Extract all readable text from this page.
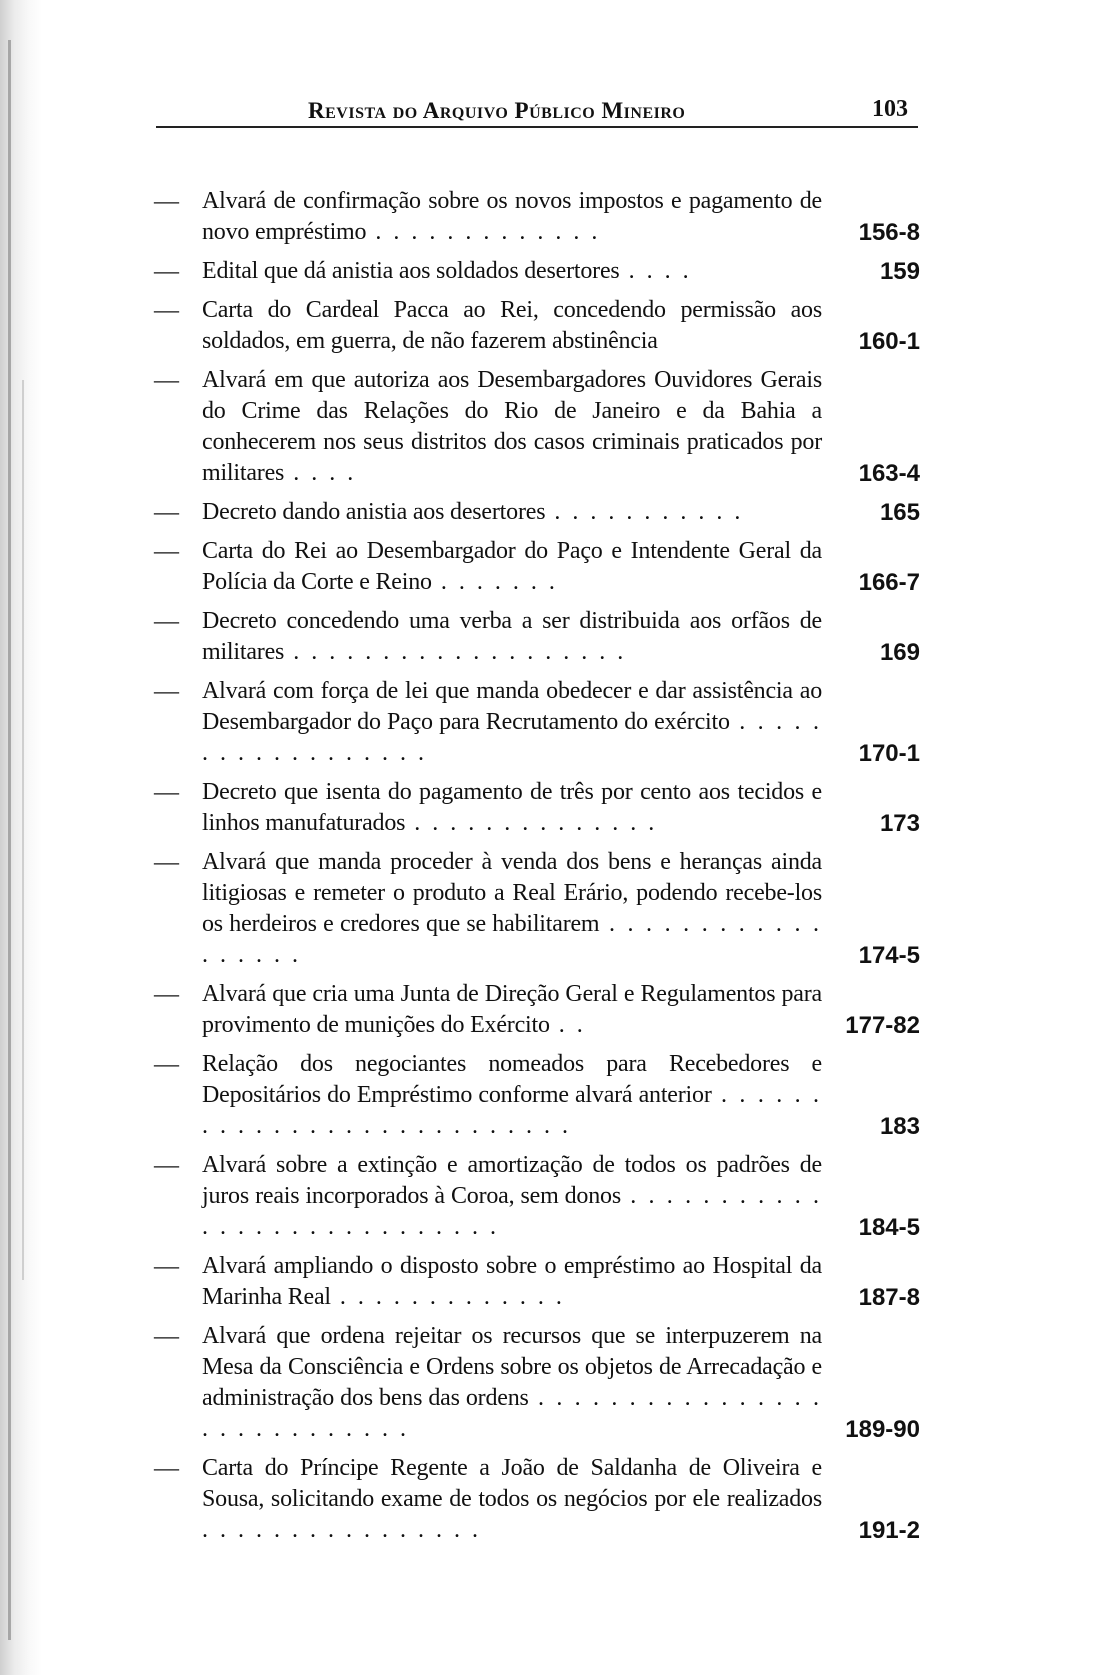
Revista do Arquivo Público Mineiro	103
— Alvará de confirmação sobre os novos impostos e pagamento de novo empréstimo . . . . . . . . . . . . .	156-8
— Edital que dá anistia aos soldados desertores . . . .	159
— Carta do Cardeal Pacca ao Rei, concedendo permissão aos soldados, em guerra, de não fazerem abstinência	160-1
— Alvará em que autoriza aos Desembargadores Ouvidores Gerais do Crime das Relações do Rio de Janeiro e da Bahia a conhecerem nos seus distritos dos casos criminais praticados por militares . . . .	163-4
— Decreto dando anistia aos desertores . . . . . . . . . . .	165
— Carta do Rei ao Desembargador do Paço e Intendente Geral da Polícia da Corte e Reino . . . . . . .	166-7
— Decreto concedendo uma verba a ser distribuida aos orfãos de militares . . . . . . . . . . . . . . . . . . .	169
— Alvará com força de lei que manda obedecer e dar assistência ao Desembargador do Paço para Recrutamento do exército . . . . . . . . . . . . . . . . . .	170-1
— Decreto que isenta do pagamento de três por cento aos tecidos e linhos manufaturados . . . . . . . . . . . . . .	173
— Alvará que manda proceder à venda dos bens e heranças ainda litigiosas e remeter o produto a Real Erário, podendo recebe-los os herdeiros e credores que se habilitarem . . . . . . . . . . . . . . . . . .	174-5
— Alvará que cria uma Junta de Direção Geral e Regulamentos para provimento de munições do Exército . .	177-82
— Relação dos negociantes nomeados para Recebedores e Depositários do Empréstimo conforme alvará anterior . . . . . . . . . . . . . . . . . . . . . . . . . . .	183
— Alvará sobre a extinção e amortização de todos os padrões de juros reais incorporados à Coroa, sem donos . . . . . . . . . . . . . . . . . . . . . . . . . . . .	184-5
— Alvará ampliando o disposto sobre o empréstimo ao Hospital da Marinha Real . . . . . . . . . . . . .	187-8
— Alvará que ordena rejeitar os recursos que se interpuzerem na Mesa da Consciência e Ordens sobre os objetos de Arrecadação e administração dos bens das ordens . . . . . . . . . . . . . . . . . . . . . . . . . . . .	189-90
— Carta do Príncipe Regente a João de Saldanha de Oliveira e Sousa, solicitando exame de todos os negócios por ele realizados . . . . . . . . . . . . . . . .	191-2
